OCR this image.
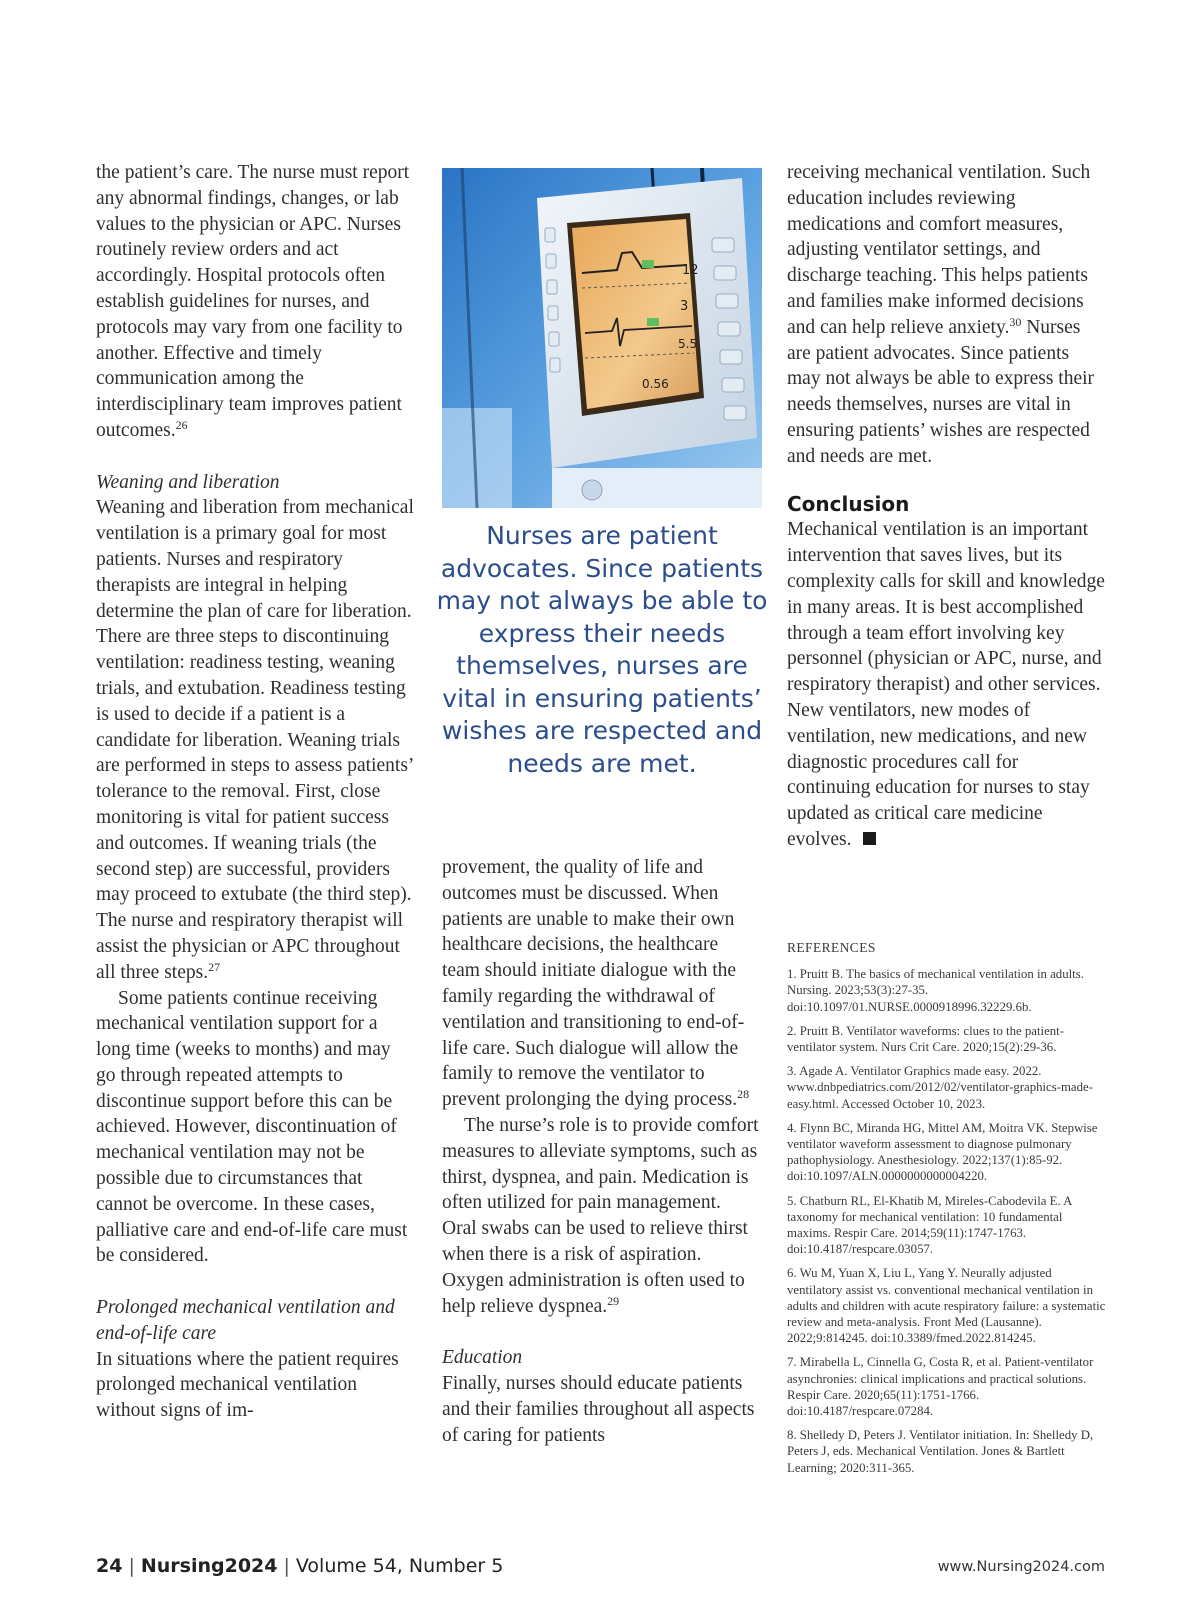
the patient’s care. The nurse must report any abnormal findings, changes, or lab values to the physician or APC. Nurses routinely review orders and act accordingly. Hospital protocols often establish guidelines for nurses, and protocols may vary from one facility to another. Effective and timely communication among the interdisciplinary team improves patient outcomes.$^{26}$

Weaning and liberation

Weaning and liberation from mechanical ventilation is a primary goal for most patients. Nurses and respiratory therapists are integral in helping determine the plan of care for liberation. There are three steps to discontinuing ventilation: readiness testing, weaning trials, and extubation. Readiness testing is used to decide if a patient is a candidate for liberation. Weaning trials are performed in steps to assess patients’ tolerance to the removal. First, close monitoring is vital for patient success and outcomes. If weaning trials (the second step) are successful, providers may proceed to extubate (the third step). The nurse and respiratory therapist will assist the physician or APC throughout all three steps.$^{27}$

Some patients continue receiving mechanical ventilation support for a long time (weeks to months) and may go through repeated attempts to discontinue support before this can be achieved. However, discontinuation of mechanical ventilation may not be possible due to circumstances that cannot be overcome. In these cases, palliative care and end-of-life care must be considered.

Prolonged mechanical ventilation and end-of-life care

In situations where the patient requires prolonged mechanical ventilation without signs of im-

12
3
5.5
0.56
Nurses are patient advocates. Since patients may not always be able to express their needs themselves, nurses are vital in ensuring patients’ wishes are respected and needs are met.

provement, the quality of life and outcomes must be discussed. When patients are unable to make their own healthcare decisions, the healthcare team should initiate dialogue with the family regarding the withdrawal of ventilation and transitioning to end-of-life care. Such dialogue will allow the family to remove the ventilator to prevent prolonging the dying process.$^{28}$

The nurse’s role is to provide comfort measures to alleviate symptoms, such as thirst, dyspnea, and pain. Medication is often utilized for pain management. Oral swabs can be used to relieve thirst when there is a risk of aspiration. Oxygen administration is often used to help relieve dyspnea.$^{29}$

Education

Finally, nurses should educate patients and their families throughout all aspects of caring for patients

receiving mechanical ventilation. Such education includes reviewing medications and comfort measures, adjusting ventilator settings, and discharge teaching. This helps patients and families make informed decisions and can help relieve anxiety.$^{30}$ Nurses are patient advocates. Since patients may not always be able to express their needs themselves, nurses are vital in ensuring patients’ wishes are respected and needs are met.

Conclusion

Mechanical ventilation is an important intervention that saves lives, but its complexity calls for skill and knowledge in many areas. It is best accomplished through a team effort involving key personnel (physician or APC, nurse, and respiratory therapist) and other services. New ventilators, new modes of ventilation, new medications, and new diagnostic procedures call for continuing education for nurses to stay updated as critical care medicine evolves.

REFERENCES
1. Pruitt B. The basics of mechanical ventilation in adults. Nursing. 2023;53(3):27-35. doi:10.1097/01.NURSE.0000918996.32229.6b.
2. Pruitt B. Ventilator waveforms: clues to the patient-ventilator system. Nurs Crit Care. 2020;15(2):29-36.
3. Agade A. Ventilator Graphics made easy. 2022. www.dnbpediatrics.com/2012/02/ventilator-graphics-made-easy.html. Accessed October 10, 2023.
4. Flynn BC, Miranda HG, Mittel AM, Moitra VK. Stepwise ventilator waveform assessment to diagnose pulmonary pathophysiology. Anesthesiology. 2022;137(1):85-92. doi:10.1097/ALN.0000000000004220.
5. Chatburn RL, El-Khatib M, Mireles-Cabodevila E. A taxonomy for mechanical ventilation: 10 fundamental maxims. Respir Care. 2014;59(11):1747-1763. doi:10.4187/respcare.03057.
6. Wu M, Yuan X, Liu L, Yang Y. Neurally adjusted ventilatory assist vs. conventional mechanical ventilation in adults and children with acute respiratory failure: a systematic review and meta-analysis. Front Med (Lausanne). 2022;9:814245. doi:10.3389/fmed.2022.814245.
7. Mirabella L, Cinnella G, Costa R, et al. Patient-ventilator asynchronies: clinical implications and practical solutions. Respir Care. 2020;65(11):1751-1766. doi:10.4187/respcare.07284.
8. Shelledy D, Peters J. Ventilator initiation. In: Shelledy D, Peters J, eds. Mechanical Ventilation. Jones & Bartlett Learning; 2020:311-365.
24 | Nursing2024 | Volume 54, Number 5	www.Nursing2024.com
